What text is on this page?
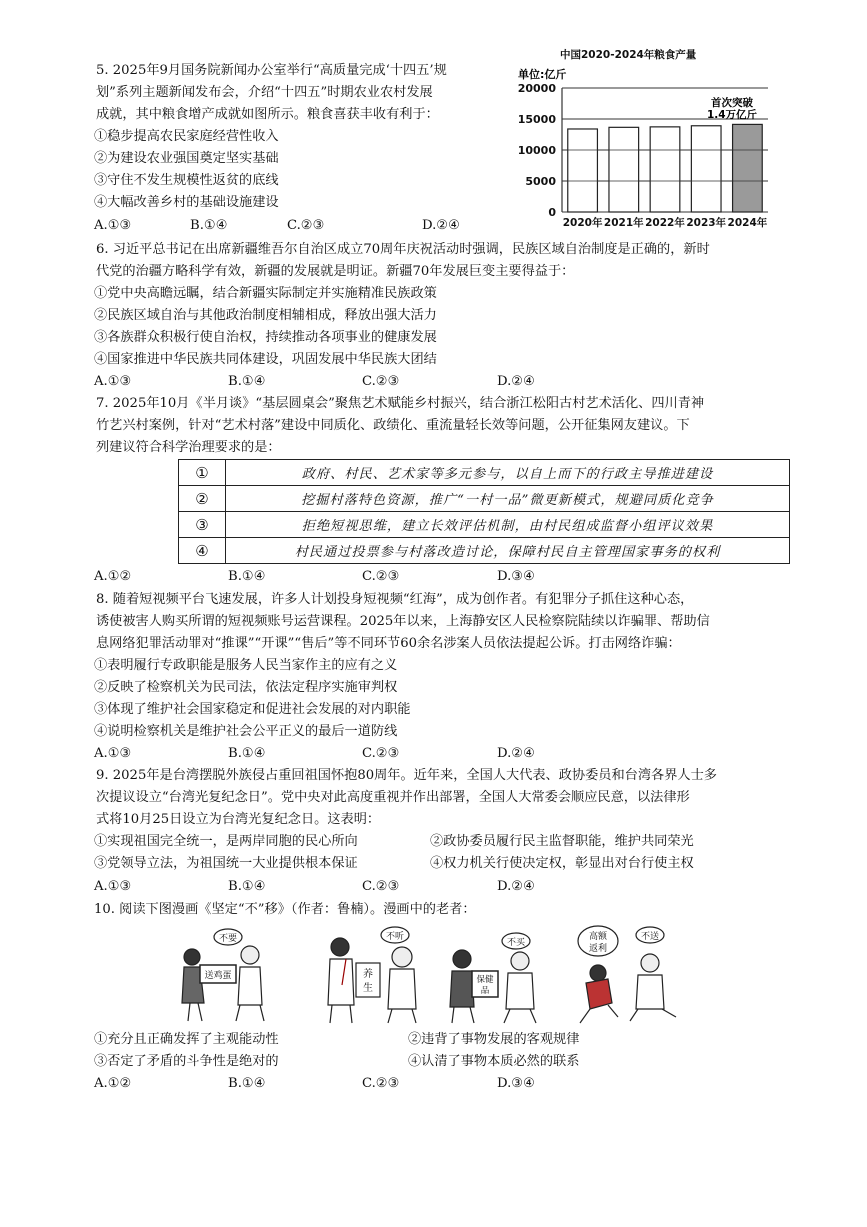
5. 2025年9月国务院新闻办公室举行“高质量完成‘十四五’规
划”系列主题新闻发布会，介绍“十四五”时期农业农村发展
成就，其中粮食增产成就如图所示。粮食喜获丰收有利于：
①稳步提高农民家庭经营性收入
②为建设农业强国奠定坚实基础
③守住不发生规模性返贫的底线
④大幅改善乡村的基础设施建设
A.①③	B.①④	C.②③	D.②④
中国2020-2024年粮食产量
单位:亿斤
0
5000
10000
15000
20000
2020年 2021年 2022年 2023年 2024年
首次突破
1.4万亿斤
6. 习近平总书记在出席新疆维吾尔自治区成立70周年庆祝活动时强调，民族区域自治制度是正确的，新时
代党的治疆方略科学有效，新疆的发展就是明证。新疆70年发展巨变主要得益于：
①党中央高瞻远瞩，结合新疆实际制定并实施精准民族政策
②民族区域自治与其他政治制度相辅相成，释放出强大活力
③各族群众积极行使自治权，持续推动各项事业的健康发展
④国家推进中华民族共同体建设，巩固发展中华民族大团结
A.①③	B.①④	C.②③	D.②④
7. 2025年10月《半月谈》“基层圆桌会”聚焦艺术赋能乡村振兴，结合浙江松阳古村艺术活化、四川青神
竹艺兴村案例，针对“艺术村落”建设中同质化、政绩化、重流量轻长效等问题，公开征集网友建议。下
列建议符合科学治理要求的是：
①	政府、村民、艺术家等多元参与，以自上而下的行政主导推进建设
②	挖掘村落特色资源，推广“一村一品”微更新模式，规避同质化竞争
③	拒绝短视思维，建立长效评估机制，由村民组成监督小组评议效果
④	村民通过投票参与村落改造讨论，保障村民自主管理国家事务的权利
A.①②	B.①④	C.②③	D.③④
8. 随着短视频平台飞速发展，许多人计划投身短视频“红海”，成为创作者。有犯罪分子抓住这种心态，
诱使被害人购买所谓的短视频账号运营课程。2025年以来，上海静安区人民检察院陆续以诈骗罪、帮助信
息网络犯罪活动罪对“推课”“开课”“售后”等不同环节60余名涉案人员依法提起公诉。打击网络诈骗：
①表明履行专政职能是服务人民当家作主的应有之义
②反映了检察机关为民司法，依法定程序实施审判权
③体现了维护社会国家稳定和促进社会发展的对内职能
④说明检察机关是维护社会公平正义的最后一道防线
A.①③	B.①④	C.②③	D.②④
9. 2025年是台湾摆脱外族侵占重回祖国怀抱80周年。近年来，全国人大代表、政协委员和台湾各界人士多
次提议设立“台湾光复纪念日”。党中央对此高度重视并作出部署，全国人大常委会顺应民意，以法律形
式将10月25日设立为台湾光复纪念日。这表明：
①实现祖国完全统一，是两岸同胞的民心所向	②政协委员履行民主监督职能，维护共同荣光
③党领导立法，为祖国统一大业提供根本保证	④权力机关行使决定权，彰显出对台行使主权
A.①③	B.①④	C.②③	D.②④
10. 阅读下图漫画《坚定“不”移》（作者：鲁楠）。漫画中的老者：
不要
送鸡蛋
不听
养
生
不买
保健
品
高额
返利
不送
①充分且正确发挥了主观能动性	②违背了事物发展的客观规律
③否定了矛盾的斗争性是绝对的	④认清了事物本质必然的联系
A.①②	B.①④	C.②③	D.③④
